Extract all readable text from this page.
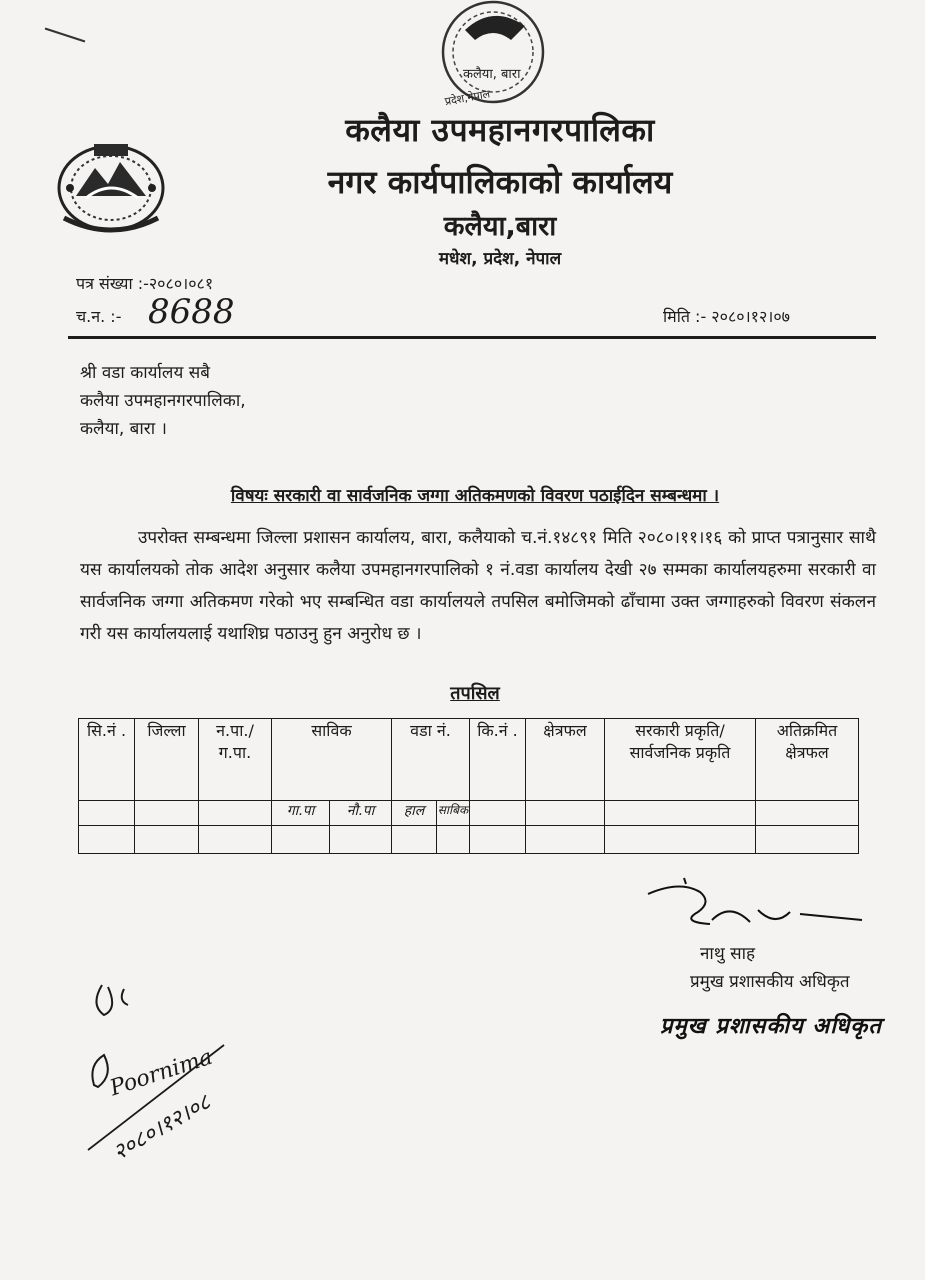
कलैया, बारा
प्रदेश,नेपाल
कलैया उपमहानगरपालिका
नगर कार्यपालिकाको कार्यालय
कलैया,बारा
मधेश, प्रदेश, नेपाल
पत्र संख्या :-२०८०।०८१
च.न. :- 8688	मिति :- २०८०।१२।०७
श्री वडा कार्यालय सबै
कलैया उपमहानगरपालिका,
कलैया, बारा ।
विषयः सरकारी वा सार्वजनिक जग्गा अतिकमणको विवरण पठाईदिन सम्बन्धमा ।
उपरोक्त सम्बन्धमा जिल्ला प्रशासन कार्यालय, बारा, कलैयाको च.नं.१४८९१ मिति २०८०।११।१६ को प्राप्त पत्रानुसार साथै यस कार्यालयको तोक आदेश अनुसार कलैया उपमहानगरपालिको १ नं.वडा कार्यालय देखी २७ सम्मका कार्यालयहरुमा सरकारी वा सार्वजनिक जग्गा अतिकमण गरेको भए सम्बन्धित वडा कार्यालयले तपसिल बमोजिमको ढाँचामा उक्त जग्गाहरुको विवरण संकलन गरी यस कार्यालयलाई यथाशिघ्र पठाउनु हुन अनुरोध छ ।
तपसिल
सि.नं .	जिल्ला	न.पा./ ग.पा.	साविक		वडा नं.		कि.नं .	क्षेत्रफल	सरकारी प्रकृति/सार्वजनिक प्रकृति	अतिक्रमित क्षेत्रफल
			गा.पा	नौ.पा	हाल	साबिक				

नाथु साह
प्रमुख प्रशासकीय अधिकृत
प्रमुख प्रशासकीय अधिकृत
Poornima
२०८०।१२।०८
